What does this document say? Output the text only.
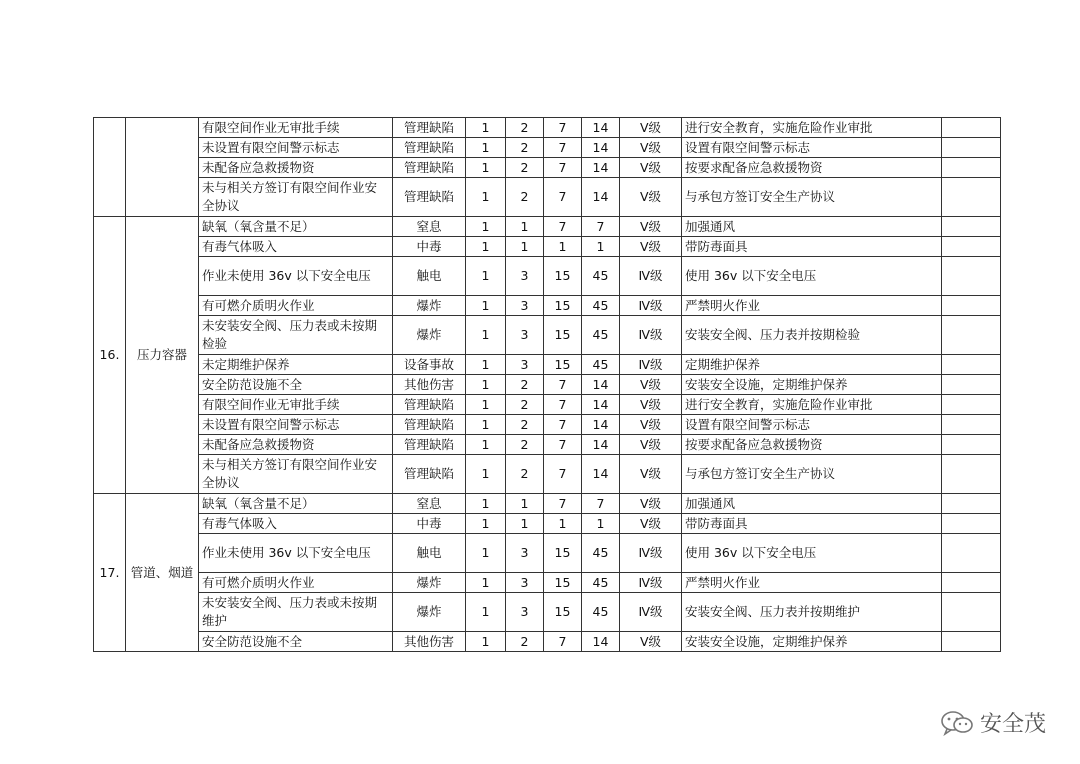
		有限空间作业无审批手续	管理缺陷	1	2	7	14	Ⅴ级	进行安全教育，实施危险作业审批	
		未设置有限空间警示标志	管理缺陷	1	2	7	14	Ⅴ级	设置有限空间警示标志	
		未配备应急救援物资	管理缺陷	1	2	7	14	Ⅴ级	按要求配备应急救援物资	
		未与相关方签订有限空间作业安全协议	管理缺陷	1	2	7	14	Ⅴ级	与承包方签订安全生产协议	
16.	压力容器	缺氧（氧含量不足）	窒息	1	1	7	7	Ⅴ级	加强通风	
		有毒气体吸入	中毒	1	1	1	1	Ⅴ级	带防毒面具	
		作业未使用 36v 以下安全电压	触电	1	3	15	45	Ⅳ级	使用 36v 以下安全电压	
		有可燃介质明火作业	爆炸	1	3	15	45	Ⅳ级	严禁明火作业	
		未安装安全阀、压力表或未按期检验	爆炸	1	3	15	45	Ⅳ级	安装安全阀、压力表并按期检验	
		未定期维护保养	设备事故	1	3	15	45	Ⅳ级	定期维护保养	
		安全防范设施不全	其他伤害	1	2	7	14	Ⅴ级	安装安全设施，定期维护保养	
		有限空间作业无审批手续	管理缺陷	1	2	7	14	Ⅴ级	进行安全教育，实施危险作业审批	
		未设置有限空间警示标志	管理缺陷	1	2	7	14	Ⅴ级	设置有限空间警示标志	
		未配备应急救援物资	管理缺陷	1	2	7	14	Ⅴ级	按要求配备应急救援物资	
		未与相关方签订有限空间作业安全协议	管理缺陷	1	2	7	14	Ⅴ级	与承包方签订安全生产协议	
17.	管道、烟道	缺氧（氧含量不足）	窒息	1	1	7	7	Ⅴ级	加强通风	
		有毒气体吸入	中毒	1	1	1	1	Ⅴ级	带防毒面具	
		作业未使用 36v 以下安全电压	触电	1	3	15	45	Ⅳ级	使用 36v 以下安全电压	
		有可燃介质明火作业	爆炸	1	3	15	45	Ⅳ级	严禁明火作业	
		未安装安全阀、压力表或未按期维护	爆炸	1	3	15	45	Ⅳ级	安装安全阀、压力表并按期维护	
		安全防范设施不全	其他伤害	1	2	7	14	Ⅴ级	安装安全设施，定期维护保养	
安全茂
